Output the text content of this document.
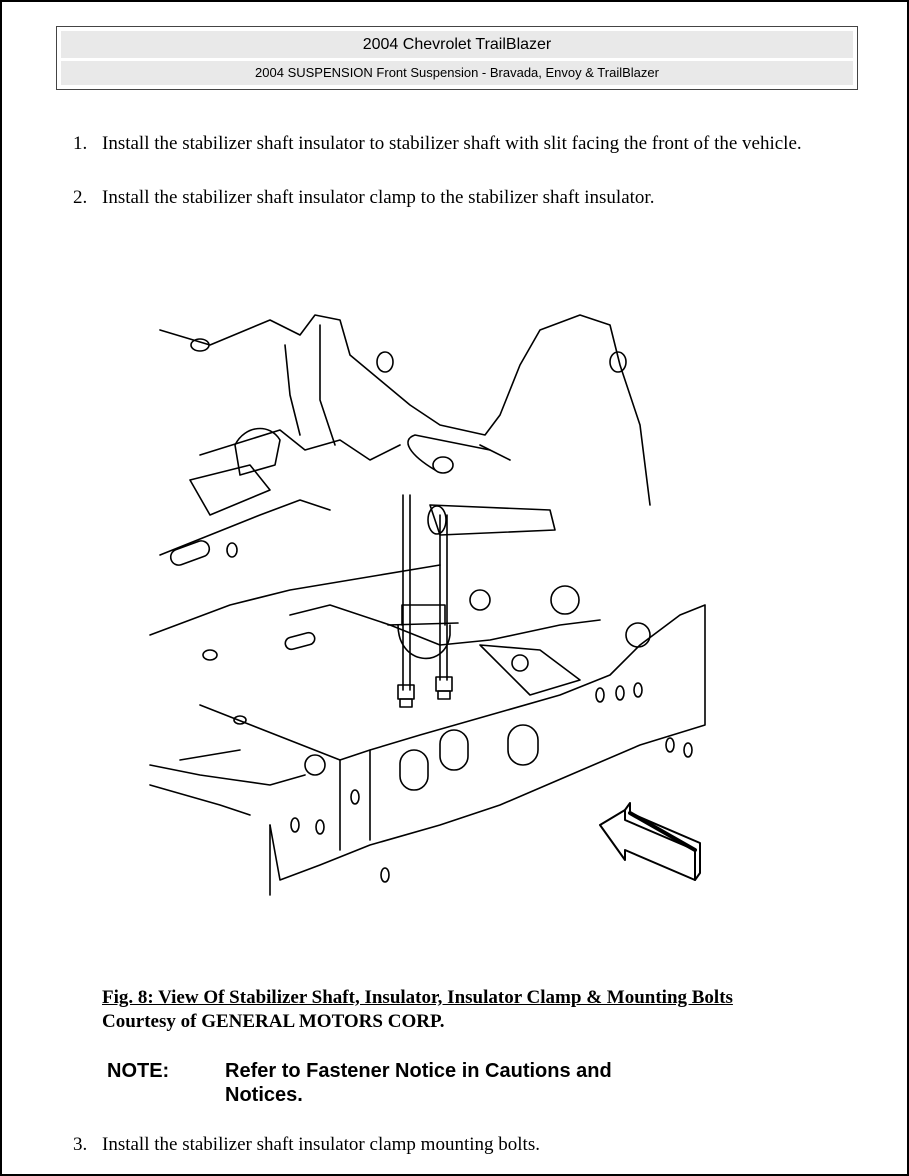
2004 Chevrolet TrailBlazer
2004 SUSPENSION Front Suspension - Bravada, Envoy & TrailBlazer
1. Install the stabilizer shaft insulator to stabilizer shaft with slit facing the front of the vehicle.
2. Install the stabilizer shaft insulator clamp to the stabilizer shaft insulator.
Fig. 8: View Of Stabilizer Shaft, Insulator, Insulator Clamp & Mounting Bolts
Courtesy of GENERAL MOTORS CORP.
NOTE:	Refer to Fastener Notice in Cautions and Notices.
3. Install the stabilizer shaft insulator clamp mounting bolts.
